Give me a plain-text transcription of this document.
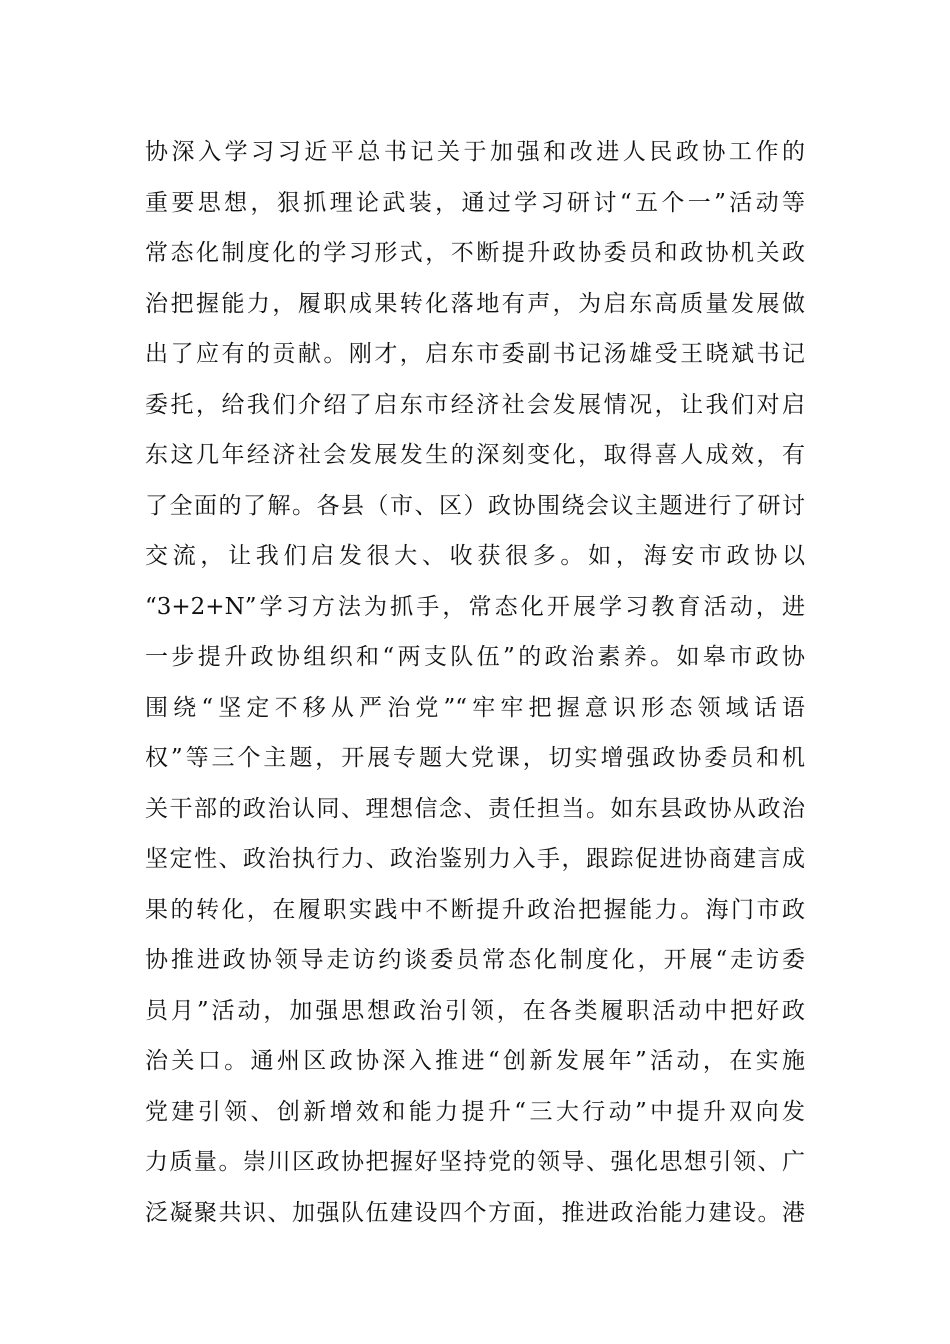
协深入学习习近平总书记关于加强和改进人民政协工作的
重要思想，狠抓理论武装，通过学习研讨“五个一”活动等
常态化制度化的学习形式，不断提升政协委员和政协机关政
治把握能力，履职成果转化落地有声，为启东高质量发展做
出了应有的贡献。刚才，启东市委副书记汤雄受王晓斌书记
委托，给我们介绍了启东市经济社会发展情况，让我们对启
东这几年经济社会发展发生的深刻变化，取得喜人成效，有
了全面的了解。各县（市、区）政协围绕会议主题进行了研讨
交流，让我们启发很大、收获很多。如，海安市政协以
“3+2+N”学习方法为抓手，常态化开展学习教育活动，进
一步提升政协组织和“两支队伍”的政治素养。如皋市政协
围绕“坚定不移从严治党”“牢牢把握意识形态领域话语
权”等三个主题，开展专题大党课，切实增强政协委员和机
关干部的政治认同、理想信念、责任担当。如东县政协从政治
坚定性、政治执行力、政治鉴别力入手，跟踪促进协商建言成
果的转化，在履职实践中不断提升政治把握能力。海门市政
协推进政协领导走访约谈委员常态化制度化，开展“走访委
员月”活动，加强思想政治引领，在各类履职活动中把好政
治关口。通州区政协深入推进“创新发展年”活动，在实施
党建引领、创新增效和能力提升“三大行动”中提升双向发
力质量。崇川区政协把握好坚持党的领导、强化思想引领、广
泛凝聚共识、加强队伍建设四个方面，推进政治能力建设。港
